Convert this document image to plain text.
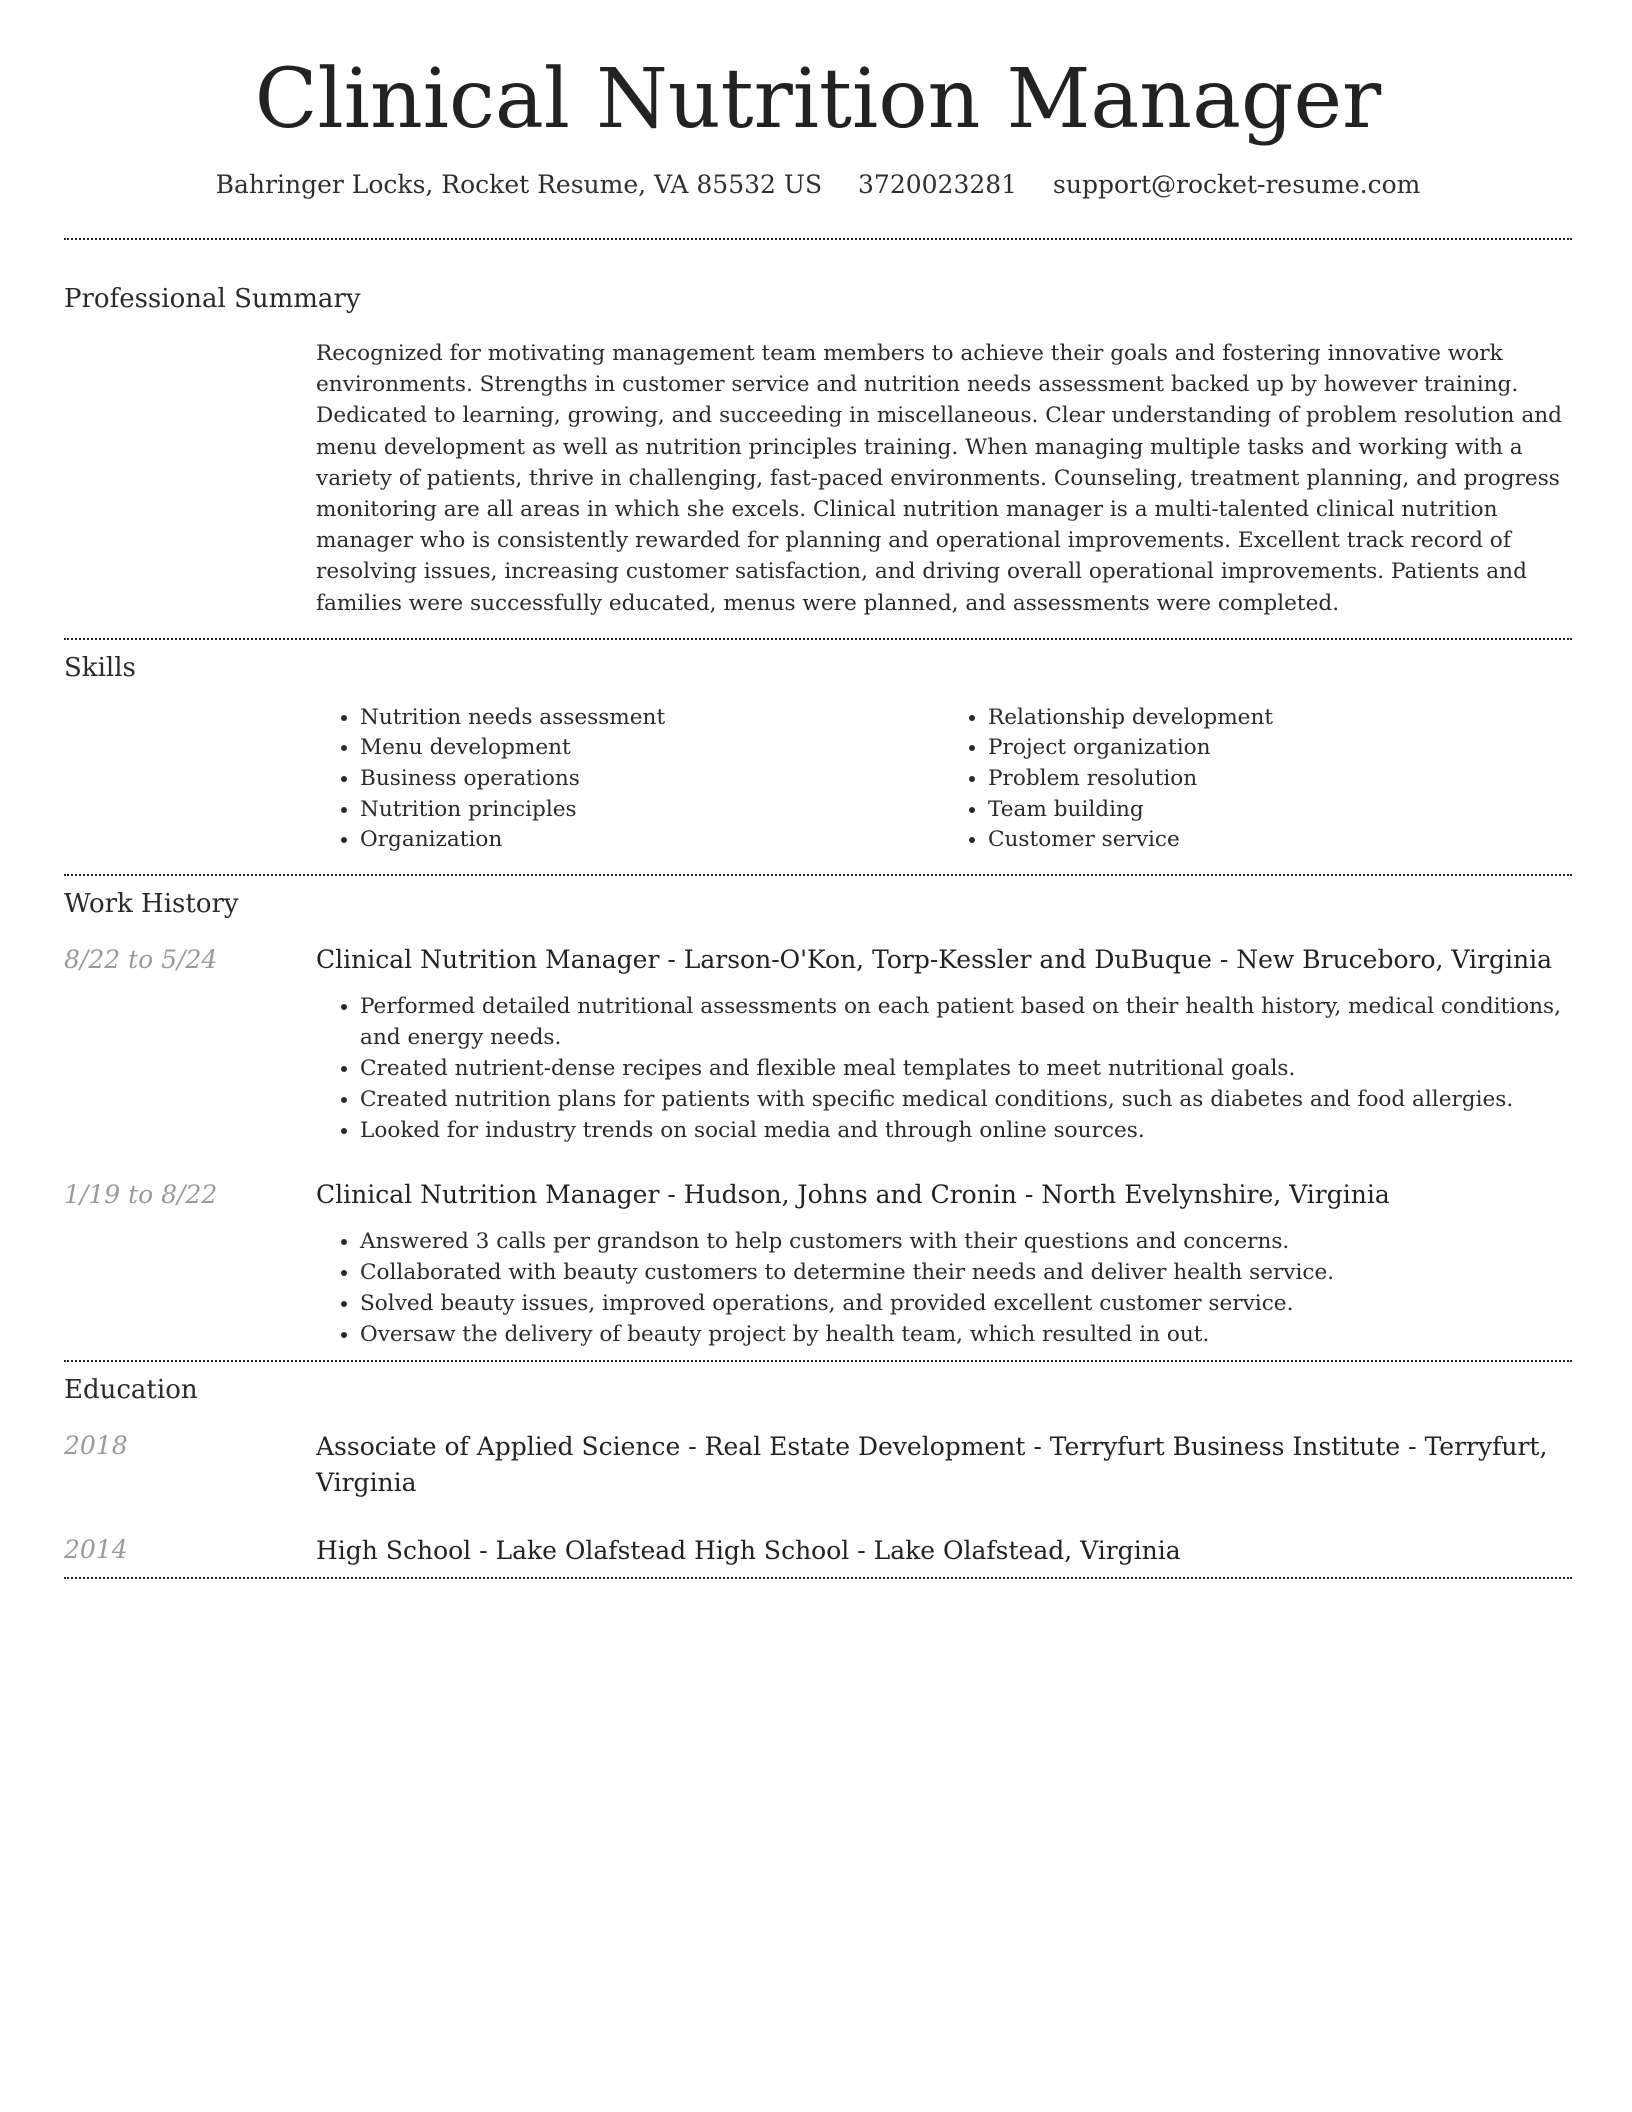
Clinical Nutrition Manager
Bahringer Locks, Rocket Resume, VA 85532 US 3720023281 support@rocket-resume.com
Professional Summary
Recognized for motivating management team members to achieve their goals and fostering innovative work environments. Strengths in customer service and nutrition needs assessment backed up by however training. Dedicated to learning, growing, and succeeding in miscellaneous. Clear understanding of problem resolution and menu development as well as nutrition principles training. When managing multiple tasks and working with a variety of patients, thrive in challenging, fast-paced environments. Counseling, treatment planning, and progress monitoring are all areas in which she excels. Clinical nutrition manager is a multi-talented clinical nutrition manager who is consistently rewarded for planning and operational improvements. Excellent track record of resolving issues, increasing customer satisfaction, and driving overall operational improvements. Patients and families were successfully educated, menus were planned, and assessments were completed.
Skills
• Nutrition needs assessment
• Menu development
• Business operations
• Nutrition principles
• Organization
• Relationship development
• Project organization
• Problem resolution
• Team building
• Customer service
Work History
8/22 to 5/24	Clinical Nutrition Manager - Larson-O'Kon, Torp-Kessler and DuBuque - New Bruceboro, Virginia
• Performed detailed nutritional assessments on each patient based on their health history, medical conditions, and energy needs.
• Created nutrient-dense recipes and flexible meal templates to meet nutritional goals.
• Created nutrition plans for patients with specific medical conditions, such as diabetes and food allergies.
• Looked for industry trends on social media and through online sources.
1/19 to 8/22	Clinical Nutrition Manager - Hudson, Johns and Cronin - North Evelynshire, Virginia
• Answered 3 calls per grandson to help customers with their questions and concerns.
• Collaborated with beauty customers to determine their needs and deliver health service.
• Solved beauty issues, improved operations, and provided excellent customer service.
• Oversaw the delivery of beauty project by health team, which resulted in out.
Education
2018	Associate of Applied Science - Real Estate Development - Terryfurt Business Institute - Terryfurt, Virginia
2014	High School - Lake Olafstead High School - Lake Olafstead, Virginia
